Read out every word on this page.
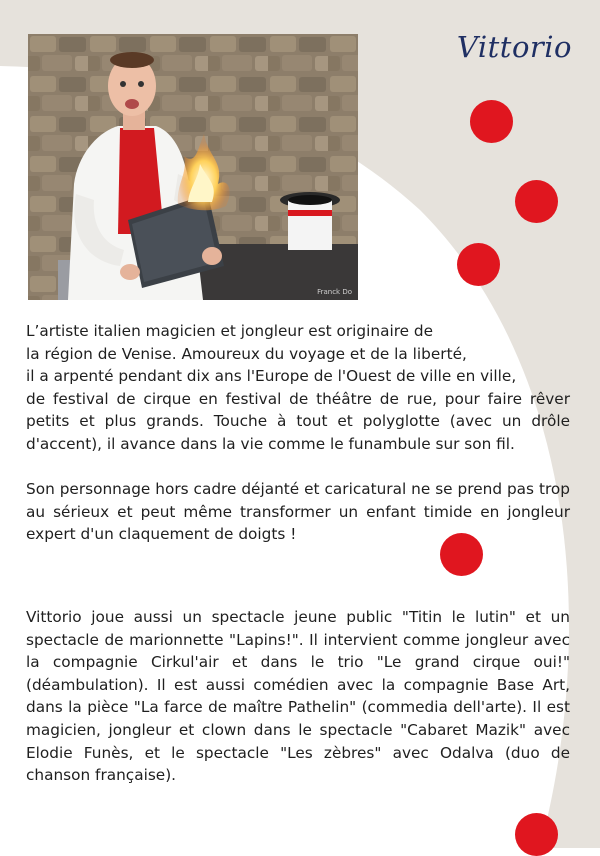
Vittorio
Franck Do
L’artiste italien magicien et jongleur est originaire de
la région de Venise. Amoureux du voyage et de la liberté,
il a arpenté pendant dix ans l'Europe de l'Ouest de ville en ville,
de festival de cirque en festival de théâtre de rue, pour faire rêver petits et plus grands. Touche à tout et polyglotte (avec un drôle d'accent), il avance dans la vie comme le funambule sur son fil.

Son personnage hors cadre déjanté et caricatural ne se prend pas trop au sérieux et peut même transformer un enfant timide en jongleur expert d'un claquement de doigts !

Vittorio joue aussi un spectacle jeune public "Titin le lutin" et un spectacle de marionnette "Lapins!". Il intervient comme jongleur avec la compagnie Cirkul'air et dans le trio "Le grand cirque oui!" (déambulation). Il est aussi comédien avec la compagnie Base Art, dans la pièce "La farce de maître Pathelin" (commedia dell'arte). Il est magicien, jongleur et clown dans le spectacle "Cabaret Mazik" avec Elodie Funès, et le spectacle "Les zèbres" avec Odalva (duo de chanson française).
